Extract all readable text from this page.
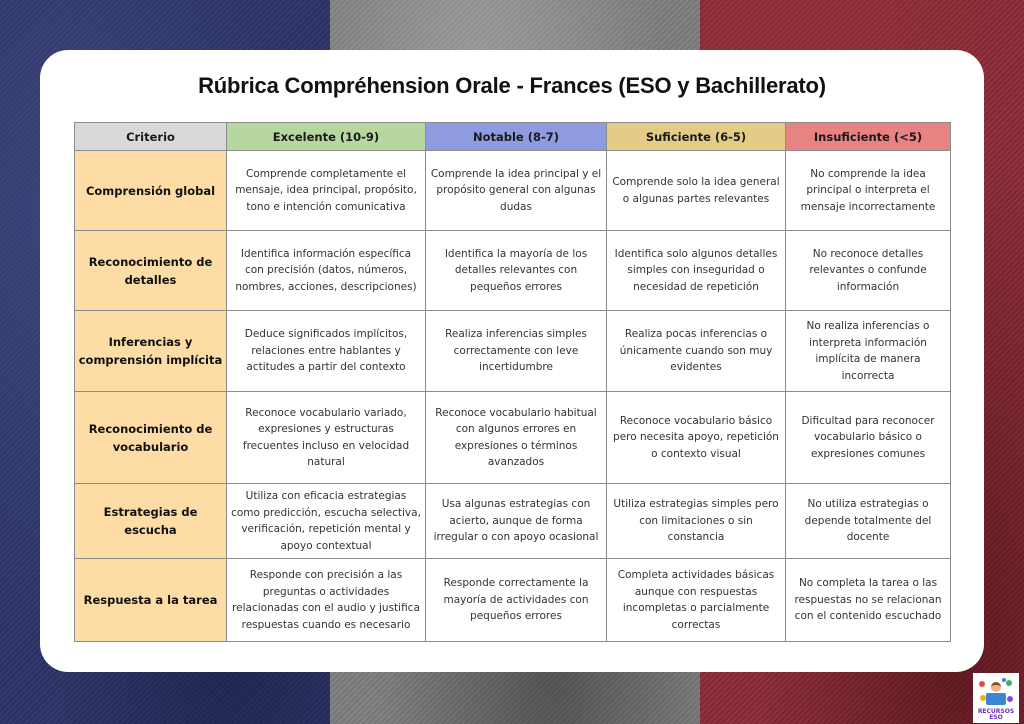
Rúbrica Compréhension Orale - Frances (ESO y Bachillerato)
Criterio	Excelente (10-9)	Notable (8-7)	Suficiente (6-5)	Insuficiente (<5)
Comprensión global	Comprende completamente el mensaje, idea principal, propósito, tono e intención comunicativa	Comprende la idea principal y el propósito general con algunas dudas	Comprende solo la idea general o algunas partes relevantes	No comprende la idea principal o interpreta el mensaje incorrectamente
Reconocimiento de detalles	Identifica información específica con precisión (datos, números, nombres, acciones, descripciones)	Identifica la mayoría de los detalles relevantes con pequeños errores	Identifica solo algunos detalles simples con inseguridad o necesidad de repetición	No reconoce detalles relevantes o confunde información
Inferencias y comprensión implícita	Deduce significados implícitos, relaciones entre hablantes y actitudes a partir del contexto	Realiza inferencias simples correctamente con leve incertidumbre	Realiza pocas inferencias o únicamente cuando son muy evidentes	No realiza inferencias o interpreta información implícita de manera incorrecta
Reconocimiento de vocabulario	Reconoce vocabulario variado, expresiones y estructuras frecuentes incluso en velocidad natural	Reconoce vocabulario habitual con algunos errores en expresiones o términos avanzados	Reconoce vocabulario básico pero necesita apoyo, repetición o contexto visual	Dificultad para reconocer vocabulario básico o expresiones comunes
Estrategias de escucha	Utiliza con eficacia estrategias como predicción, escucha selectiva, verificación, repetición mental y apoyo contextual	Usa algunas estrategias con acierto, aunque de forma irregular o con apoyo ocasional	Utiliza estrategias simples pero con limitaciones o sin constancia	No utiliza estrategias o depende totalmente del docente
Respuesta a la tarea	Responde con precisión a las preguntas o actividades relacionadas con el audio y justifica respuestas cuando es necesario	Responde correctamente la mayoría de actividades con pequeños errores	Completa actividades básicas aunque con respuestas incompletas o parcialmente correctas	No completa la tarea o las respuestas no se relacionan con el contenido escuchado
RECURSOS
ESO
